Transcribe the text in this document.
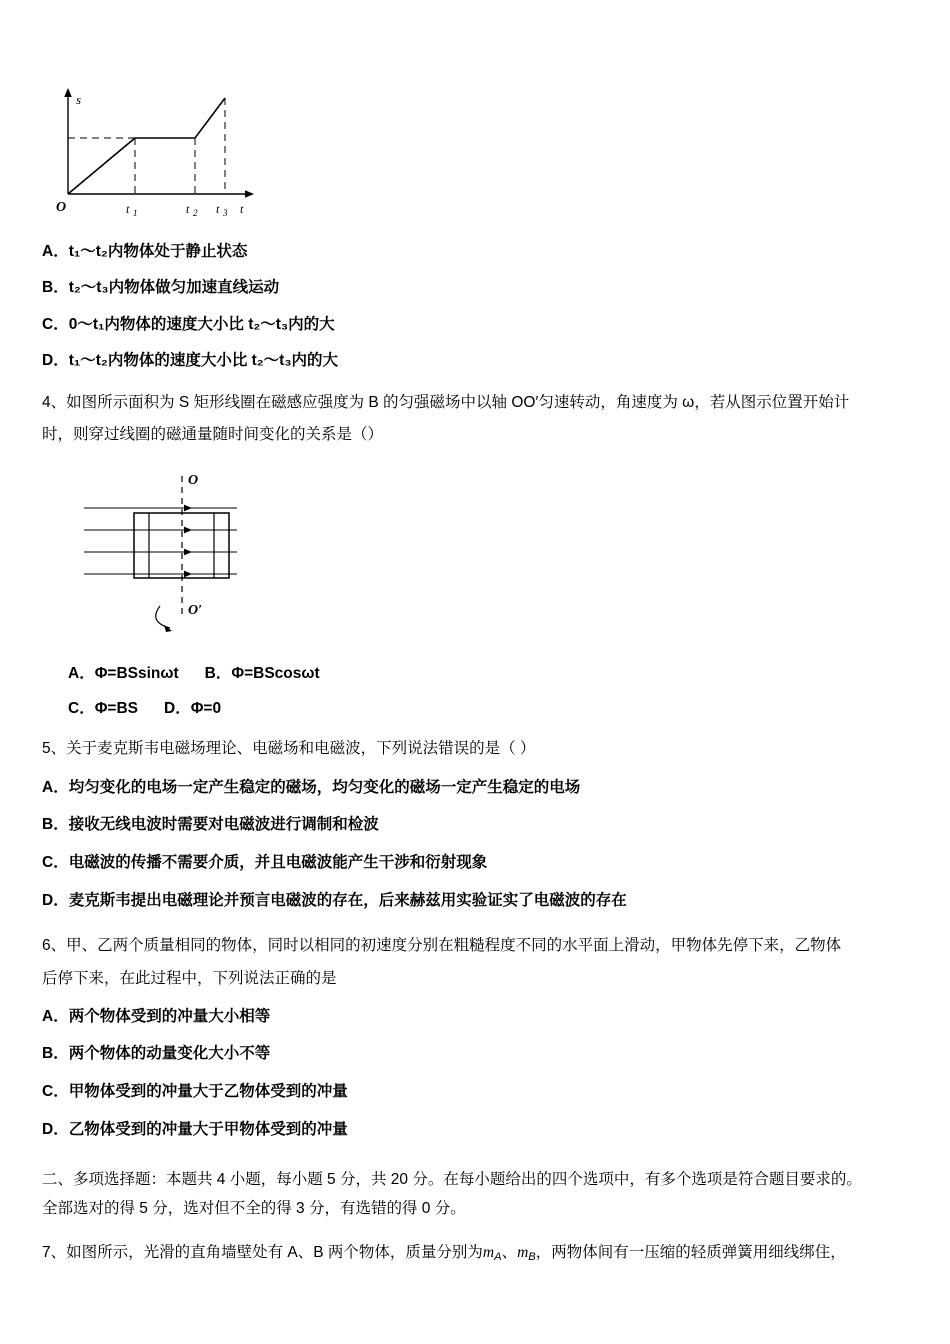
s
O	t 1	t 2 t 3 t
A．t₁～t₂内物体处于静止状态
B．t₂～t₃内物体做匀加速直线运动
C．0～t₁内物体的速度大小比 t₂～t₃内的大
D．t₁～t₂内物体的速度大小比 t₂～t₃内的大
4、如图所示面积为 S 矩形线圈在磁感应强度为 B 的匀强磁场中以轴 OO′匀速转动，角速度为 ω，若从图示位置开始计
时，则穿过线圈的磁通量随时间变化的关系是（）
O
O′
A．Φ=BSsinωt B．Φ=BScosωt
C．Φ=BS D．Φ=0
5、关于麦克斯韦电磁场理论、电磁场和电磁波，下列说法错误的是（ ）
A．均匀变化的电场一定产生稳定的磁场，均匀变化的磁场一定产生稳定的电场
B．接收无线电波时需要对电磁波进行调制和检波
C．电磁波的传播不需要介质，并且电磁波能产生干涉和衍射现象
D．麦克斯韦提出电磁理论并预言电磁波的存在，后来赫兹用实验证实了电磁波的存在
6、甲、乙两个质量相同的物体，同时以相同的初速度分别在粗糙程度不同的水平面上滑动，甲物体先停下来，乙物体
后停下来，在此过程中，下列说法正确的是
A．两个物体受到的冲量大小相等
B．两个物体的动量变化大小不等
C．甲物体受到的冲量大于乙物体受到的冲量
D．乙物体受到的冲量大于甲物体受到的冲量
二、多项选择题：本题共 4 小题，每小题 5 分，共 20 分。在每小题给出的四个选项中，有多个选项是符合题目要求的。
全部选对的得 5 分，选对但不全的得 3 分，有选错的得 0 分。
7、如图所示，光滑的直角墙壁处有 A、B 两个物体，质量分别为mA、mB，两物体间有一压缩的轻质弹簧用细线绑住，
